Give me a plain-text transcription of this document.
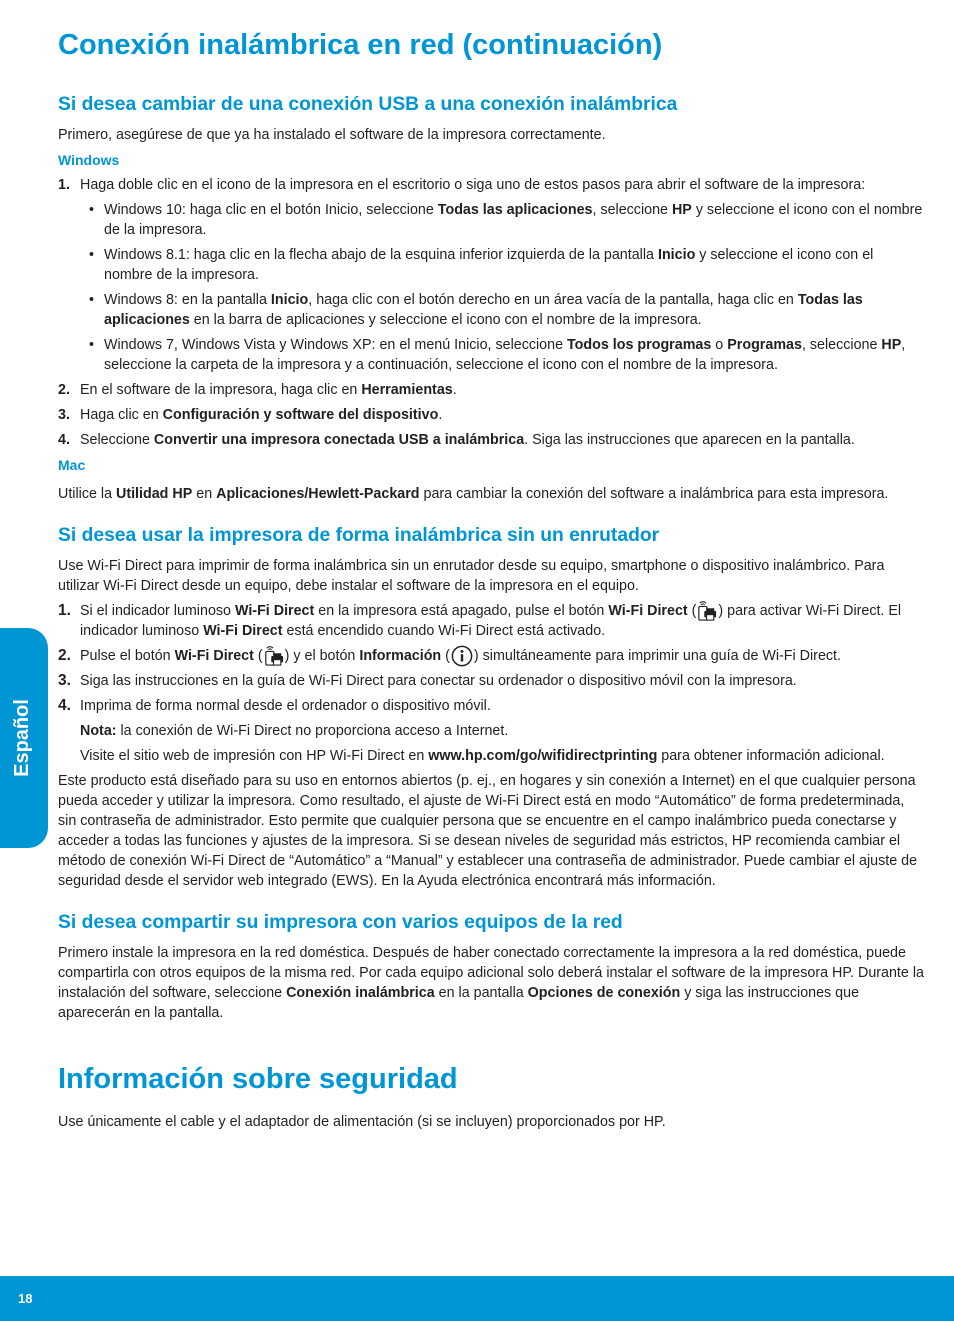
Español
Conexión inalámbrica en red (continuación)
Si desea cambiar de una conexión USB a una conexión inalámbrica

Primero, asegúrese de que ya ha instalado el software de la impresora correctamente.

Windows

1. Haga doble clic en el icono de la impresora en el escritorio o siga uno de estos pasos para abrir el software de la impresora:
• Windows 10: haga clic en el botón Inicio, seleccione Todas las aplicaciones, seleccione HP y seleccione el icono con el nombre de la impresora.
• Windows 8.1: haga clic en la flecha abajo de la esquina inferior izquierda de la pantalla Inicio y seleccione el icono con el nombre de la impresora.
• Windows 8: en la pantalla Inicio, haga clic con el botón derecho en un área vacía de la pantalla, haga clic en Todas las aplicaciones en la barra de aplicaciones y seleccione el icono con el nombre de la impresora.
• Windows 7, Windows Vista y Windows XP: en el menú Inicio, seleccione Todos los programas o Programas, seleccione HP, seleccione la carpeta de la impresora y a continuación, seleccione el icono con el nombre de la impresora.
2. En el software de la impresora, haga clic en Herramientas.
3. Haga clic en Configuración y software del dispositivo.
4. Seleccione Convertir una impresora conectada USB a inalámbrica. Siga las instrucciones que aparecen en la pantalla.

Mac

Utilice la Utilidad HP en Aplicaciones/Hewlett-Packard para cambiar la conexión del software a inalámbrica para esta impresora.

Si desea usar la impresora de forma inalámbrica sin un enrutador

Use Wi-Fi Direct para imprimir de forma inalámbrica sin un enrutador desde su equipo, smartphone o dispositivo inalámbrico. Para utilizar Wi-Fi Direct desde un equipo, debe instalar el software de la impresora en el equipo.

1. Si el indicador luminoso Wi-Fi Direct en la impresora está apagado, pulse el botón Wi-Fi Direct ( ) para activar Wi-Fi Direct. El indicador luminoso Wi-Fi Direct está encendido cuando Wi-Fi Direct está activado.
2. Pulse el botón Wi-Fi Direct ( ) y el botón Información ( ) simultáneamente para imprimir una guía de Wi-Fi Direct.
3. Siga las instrucciones en la guía de Wi-Fi Direct para conectar su ordenador o dispositivo móvil con la impresora.
4. Imprima de forma normal desde el ordenador o dispositivo móvil.

Nota: la conexión de Wi-Fi Direct no proporciona acceso a Internet.

Visite el sitio web de impresión con HP Wi-Fi Direct en www.hp.com/go/wifidirectprinting para obtener información adicional.

Este producto está diseñado para su uso en entornos abiertos (p. ej., en hogares y sin conexión a Internet) en el que cualquier persona pueda acceder y utilizar la impresora. Como resultado, el ajuste de Wi-Fi Direct está en modo “Automático” de forma predeterminada, sin contraseña de administrador. Esto permite que cualquier persona que se encuentre en el campo inalámbrico pueda conectarse y acceder a todas las funciones y ajustes de la impresora. Si se desean niveles de seguridad más estrictos, HP recomienda cambiar el método de conexión Wi-Fi Direct de “Automático” a “Manual” y establecer una contraseña de administrador. Puede cambiar el ajuste de seguridad desde el servidor web integrado (EWS). En la Ayuda electrónica encontrará más información.

Si desea compartir su impresora con varios equipos de la red

Primero instale la impresora en la red doméstica. Después de haber conectado correctamente la impresora a la red doméstica, puede compartirla con otros equipos de la misma red. Por cada equipo adicional solo deberá instalar el software de la impresora HP. Durante la instalación del software, seleccione Conexión inalámbrica en la pantalla Opciones de conexión y siga las instrucciones que aparecerán en la pantalla.

Información sobre seguridad

Use únicamente el cable y el adaptador de alimentación (si se incluyen) proporcionados por HP.

18
